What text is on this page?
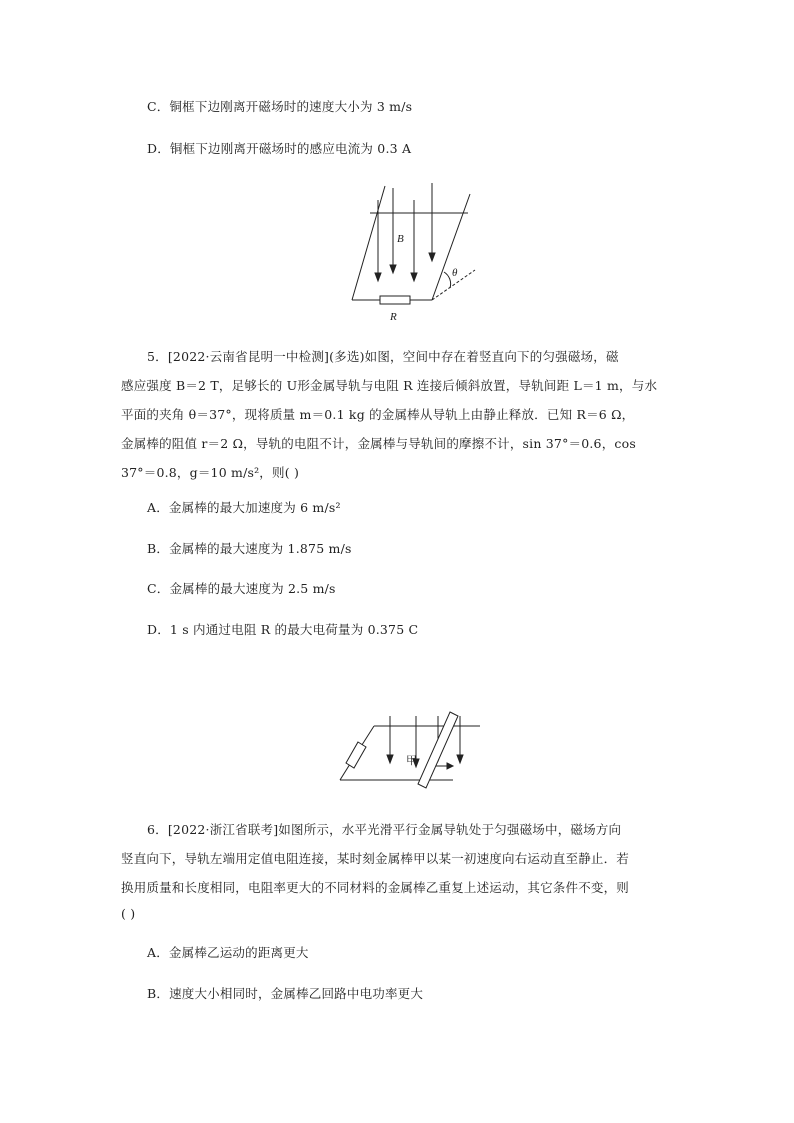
C．铜框下边刚离开磁场时的速度大小为 3 m/s
D．铜框下边刚离开磁场时的感应电流为 0.3 A
B
θ
R
5．[2022·云南省昆明一中检测](多选)如图，空间中存在着竖直向下的匀强磁场，磁
感应强度 B＝2 T，足够长的 U形金属导轨与电阻 R 连接后倾斜放置，导轨间距 L＝1 m，与水
平面的夹角 θ＝37°，现将质量 m＝0.1 kg 的金属棒从导轨上由静止释放．已知 R＝6 Ω，
金属棒的阻值 r＝2 Ω，导轨的电阻不计，金属棒与导轨间的摩擦不计，sin 37°＝0.6，cos
37°＝0.8，g＝10 m/s²，则( )
A．金属棒的最大加速度为 6 m/s²
B．金属棒的最大速度为 1.875 m/s
C．金属棒的最大速度为 2.5 m/s
D．1 s 内通过电阻 R 的最大电荷量为 0.375 C
甲
6．[2022·浙江省联考]如图所示，水平光滑平行金属导轨处于匀强磁场中，磁场方向
竖直向下，导轨左端用定值电阻连接，某时刻金属棒甲以某一初速度向右运动直至静止．若
换用质量和长度相同，电阻率更大的不同材料的金属棒乙重复上述运动，其它条件不变，则
( )
A．金属棒乙运动的距离更大
B．速度大小相同时，金属棒乙回路中电功率更大
